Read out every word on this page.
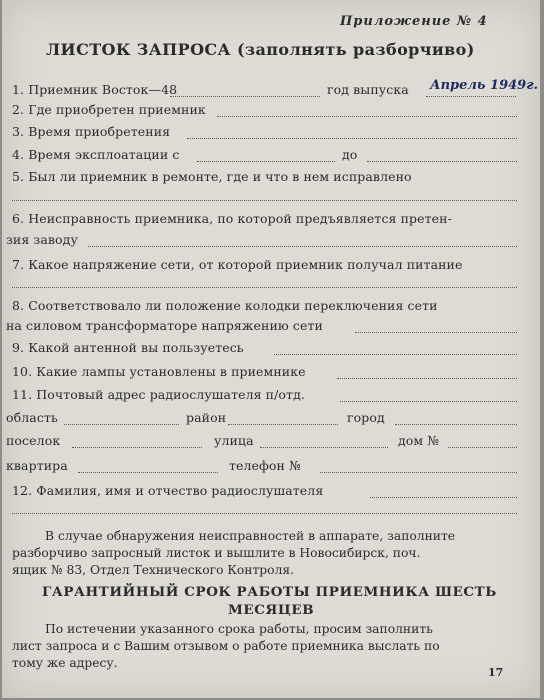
Приложение № 4
ЛИСТОК ЗАПРОСА (заполнять разборчиво)
1. Приемник Восток—48	год выпуска Апрель 1949г.
2. Где приобретен приемник
3. Время приобретения
4. Время эксплоатации с	до
5. Был ли приемник в ремонте, где и что в нем исправлено
6. Неисправность приемника, по которой предъявляется претен-
зия заводу
7. Какое напряжение сети, от которой приемник получал питание
8. Соответствовало ли положение колодки переключения сети
на силовом трансформаторе напряжению сети
9. Какой антенной вы пользуетесь
10. Какие лампы установлены в приемнике
11. Почтовый адрес радиослушателя п/отд.
область	район	город
поселок	улица	дом №
квартира	телефон №
12. Фамилия, имя и отчество радиослушателя
В случае обнаружения неисправностей в аппарате, заполните
разборчиво запросный листок и вышлите в Новосибирск, поч.
ящик № 83, Отдел Технического Контроля.
ГАРАНТИЙНЫЙ СРОК РАБОТЫ ПРИЕМНИКА ШЕСТЬ
МЕСЯЦЕВ
По истечении указанного срока работы, просим заполнить
лист запроса и с Вашим отзывом о работе приемника выслать по
тому же адресу.
17
